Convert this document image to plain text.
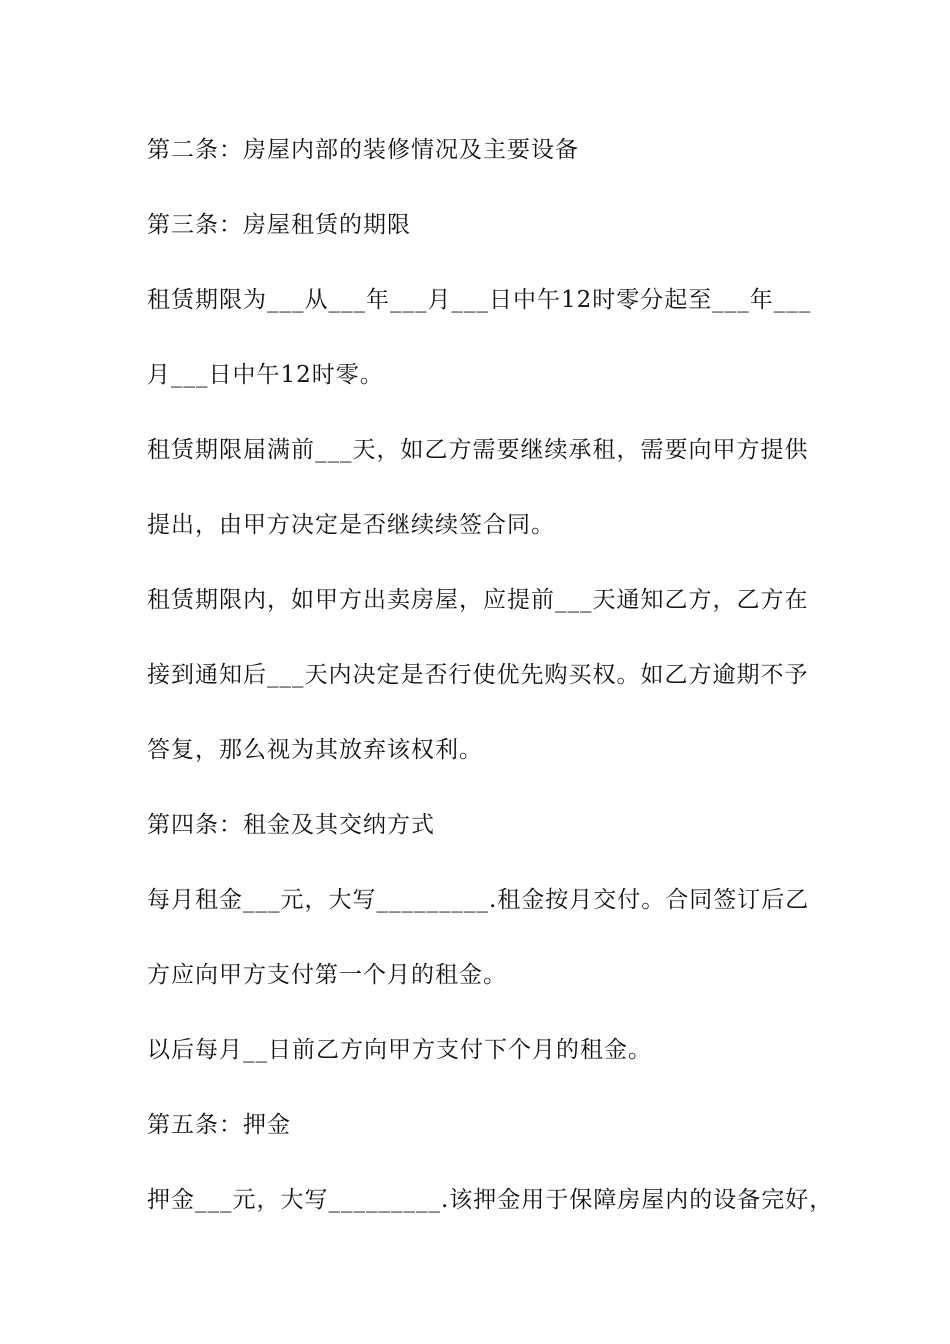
第二条：房屋内部的装修情况及主要设备
第三条：房屋租赁的期限
租赁期限为___从___年___月___日中午12时零分起至___年___
月___日中午12时零。
租赁期限届满前___天，如乙方需要继续承租，需要向甲方提供
提出，由甲方决定是否继续续签合同。
租赁期限内，如甲方出卖房屋，应提前___天通知乙方，乙方在
接到通知后___天内决定是否行使优先购买权。如乙方逾期不予
答复，那么视为其放弃该权利。
第四条：租金及其交纳方式
每月租金___元，大写_________.租金按月交付。合同签订后乙
方应向甲方支付第一个月的租金。
以后每月__日前乙方向甲方支付下个月的租金。
第五条：押金
押金___元，大写_________.该押金用于保障房屋内的设备完好，
